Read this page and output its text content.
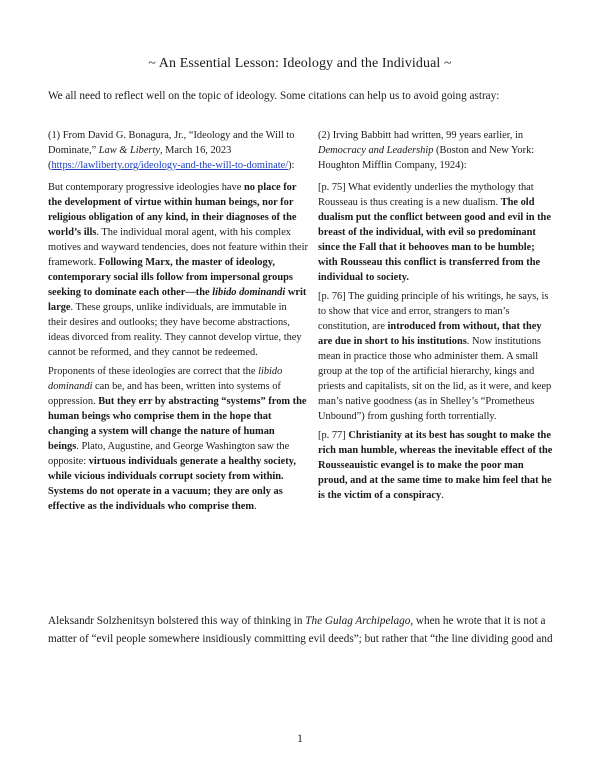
~ An Essential Lesson: Ideology and the Individual ~
We all need to reflect well on the topic of ideology. Some citations can help us to avoid going astray:

(1) From David G. Bonagura, Jr., “Ideology and the Will to Dominate,” Law & Liberty, March 16, 2023 (https://lawliberty.org/ideology-and-the-will-to-dominate/):

But contemporary progressive ideologies have no place for the development of virtue within human beings, nor for religious obligation of any kind, in their diagnoses of the world’s ills. The individual moral agent, with his complex motives and wayward tendencies, does not feature within their framework. Following Marx, the master of ideology, contemporary social ills follow from impersonal groups seeking to dominate each other—the libido dominandi writ large. These groups, unlike individuals, are immutable in their desires and outlooks; they have become abstractions, ideas divorced from reality. They cannot develop virtue, they cannot be reformed, and they cannot be redeemed.

Proponents of these ideologies are correct that the libido dominandi can be, and has been, written into systems of oppression. But they err by abstracting “systems” from the human beings who comprise them in the hope that changing a system will change the nature of human beings. Plato, Augustine, and George Washington saw the opposite: virtuous individuals generate a healthy society, while vicious individuals corrupt society from within. Systems do not operate in a vacuum; they are only as effective as the individuals who comprise them.

(2) Irving Babbitt had written, 99 years earlier, in Democracy and Leadership (Boston and New York: Houghton Mifflin Company, 1924):

[p. 75] What evidently underlies the mythology that Rousseau is thus creating is a new dualism. The old dualism put the conflict between good and evil in the breast of the individual, with evil so predominant since the Fall that it behooves man to be humble; with Rousseau this conflict is transferred from the individual to society.

[p. 76] The guiding principle of his writings, he says, is to show that vice and error, strangers to man’s constitution, are introduced from without, that they are due in short to his institutions. Now institutions mean in practice those who administer them. A small group at the top of the artificial hierarchy, kings and priests and capitalists, sit on the lid, as it were, and keep man’s native goodness (as in Shelley’s “Prometheus Unbound”) from gushing forth torrentially.

[p. 77] Christianity at its best has sought to make the rich man humble, whereas the inevitable effect of the Rousseauistic evangel is to make the poor man proud, and at the same time to make him feel that he is the victim of a conspiracy.

Aleksandr Solzhenitsyn bolstered this way of thinking in The Gulag Archipelago, when he wrote that it is not a matter of “evil people somewhere insidiously committing evil deeds”; but rather that “the line dividing good and
1
